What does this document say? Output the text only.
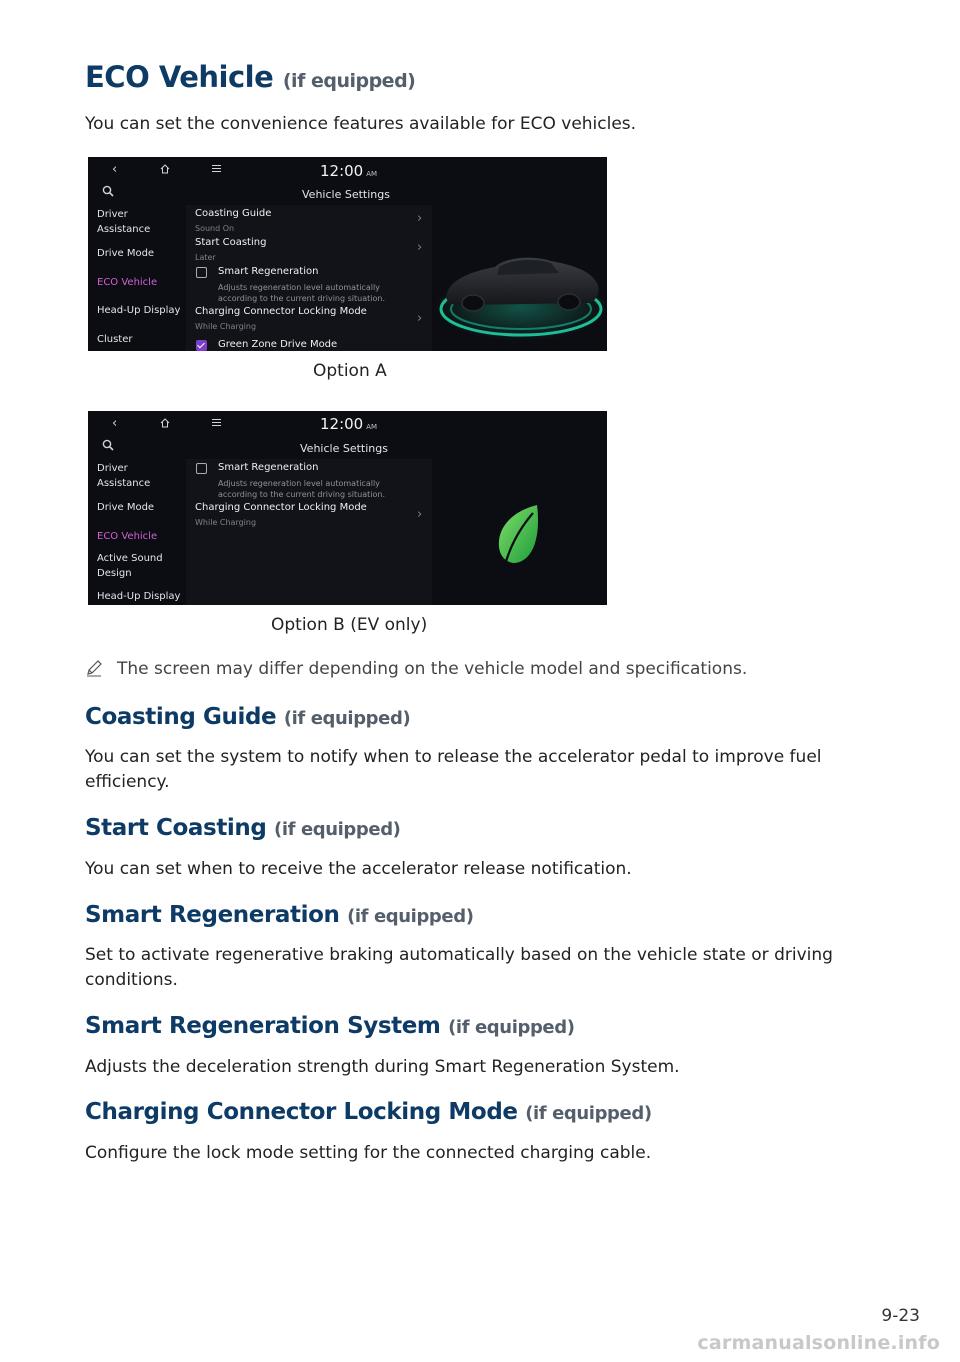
ECO Vehicle (if equipped)
You can set the convenience features available for ECO vehicles.
‹	12:00 AM
Vehicle Settings
Driver
Assistance
Drive Mode
ECO Vehicle
Head-Up Display
Cluster
Coasting Guide
Sound On
›
Start Coasting
Later
›
Smart Regeneration
Adjusts regeneration level automatically
according to the current driving situation.
Charging Connector Locking Mode
While Charging
›
Green Zone Drive Mode
Option A
‹	12:00 AM
Vehicle Settings
Driver
Assistance
Drive Mode
ECO Vehicle
Active Sound
Design
Head-Up Display
Smart Regeneration
Adjusts regeneration level automatically
according to the current driving situation.
Charging Connector Locking Mode
While Charging
›
Option B (EV only)
The screen may differ depending on the vehicle model and specifications.
Coasting Guide (if equipped)
You can set the system to notify when to release the accelerator pedal to improve fuel efficiency.
Start Coasting (if equipped)
You can set when to receive the accelerator release notification.
Smart Regeneration (if equipped)
Set to activate regenerative braking automatically based on the vehicle state or driving conditions.
Smart Regeneration System (if equipped)
Adjusts the deceleration strength during Smart Regeneration System.
Charging Connector Locking Mode (if equipped)
Configure the lock mode setting for the connected charging cable.
9-23
carmanualsonline.info
